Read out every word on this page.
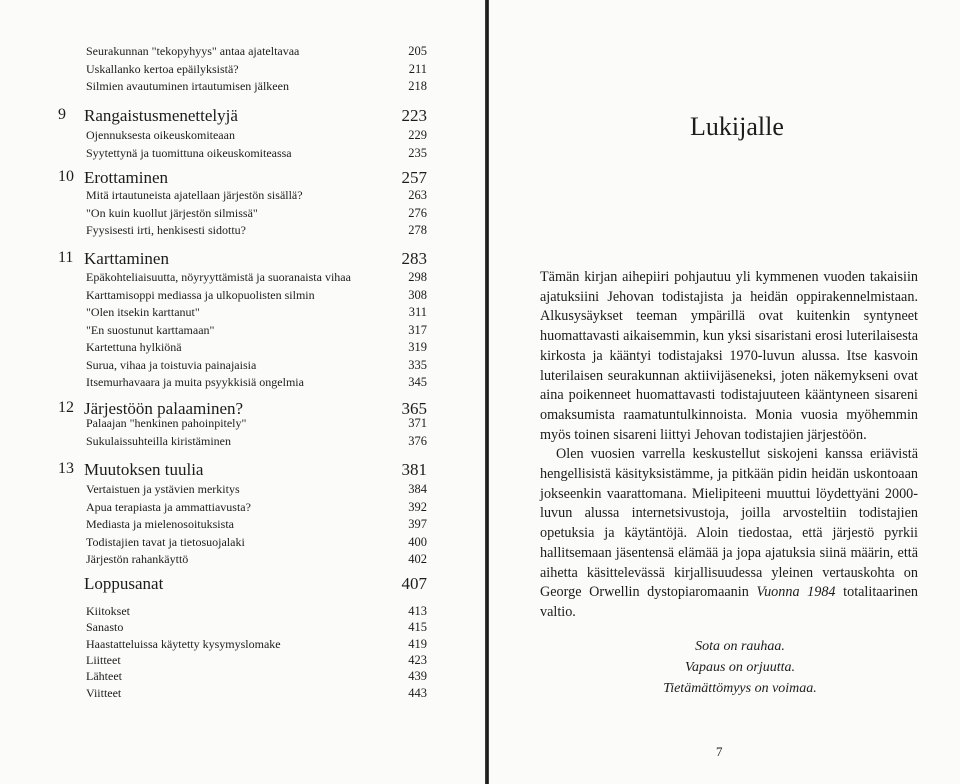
Seurakunnan "tekopyhyys" antaa ajateltavaa	205
Uskallanko kertoa epäilyksistä?	211
Silmien avautuminen irtautumisen jälkeen	218
9 Rangaistusmenettelyjä	223
Ojennuksesta oikeuskomiteaan	229
Syytettynä ja tuomittuna oikeuskomiteassa	235
10 Erottaminen	257
Mitä irtautuneista ajatellaan järjestön sisällä?	263
"On kuin kuollut järjestön silmissä"	276
Fyysisesti irti, henkisesti sidottu?	278
11 Karttaminen	283
Epäkohteliaisuutta, nöyryyttämistä ja suoranaista vihaa	298
Karttamisoppi mediassa ja ulkopuolisten silmin	308
"Olen itsekin karttanut"	311
"En suostunut karttamaan"	317
Kartettuna hylkiönä	319
Surua, vihaa ja toistuvia painajaisia	335
Itsemurhavaara ja muita psyykkisiä ongelmia	345
12 Järjestöön palaaminen?	365
Palaajan "henkinen pahoinpitely"	371
Sukulaissuhteilla kiristäminen	376
13 Muutoksen tuulia	381
Vertaistuen ja ystävien merkitys	384
Apua terapiasta ja ammattiavusta?	392
Mediasta ja mielenosoituksista	397
Todistajien tavat ja tietosuojalaki	400
Järjestön rahankäyttö	402
Loppusanat	407
Kiitokset	413
Sanasto	415
Haastatteluissa käytetty kysymyslomake	419
Liitteet	423
Lähteet	439
Viitteet	443
Lukijalle

Tämän kirjan aihepiiri pohjautuu yli kymmenen vuoden takaisiin ajatuksiini Jehovan todistajista ja heidän oppirakennelmistaan. Alkusysäykset teeman ympärillä ovat kuitenkin syntyneet huomattavasti aikaisemmin, kun yksi sisaristani erosi luterilaisesta kirkosta ja kääntyi todistajaksi 1970-luvun alussa. Itse kasvoin luterilaisen seurakunnan aktiivijäseneksi, joten näkemykseni ovat aina poikenneet huomattavasti todistajuuteen kääntyneen sisareni omaksumista raamatuntulkinnoista. Monia vuosia myöhemmin myös toinen sisareni liittyi Jehovan todistajien järjestöön.

Olen vuosien varrella keskustellut siskojeni kanssa eriävistä hengellisistä käsityksistämme, ja pitkään pidin heidän uskontoaan jokseenkin vaarattomana. Mielipiteeni muuttui löydettyäni 2000-luvun alussa internetsivustoja, joilla arvosteltiin todistajien opetuksia ja käytäntöjä. Aloin tiedostaa, että järjestö pyrkii hallitsemaan jäsentensä elämää ja jopa ajatuksia siinä määrin, että aihetta käsittelevässä kirjallisuudessa yleinen vertauskohta on George Orwellin dystopiaromaanin Vuonna 1984 totalitaarinen valtio.

Sota on rauhaa.
Vapaus on orjuutta.
Tietämättömyys on voimaa.
7
